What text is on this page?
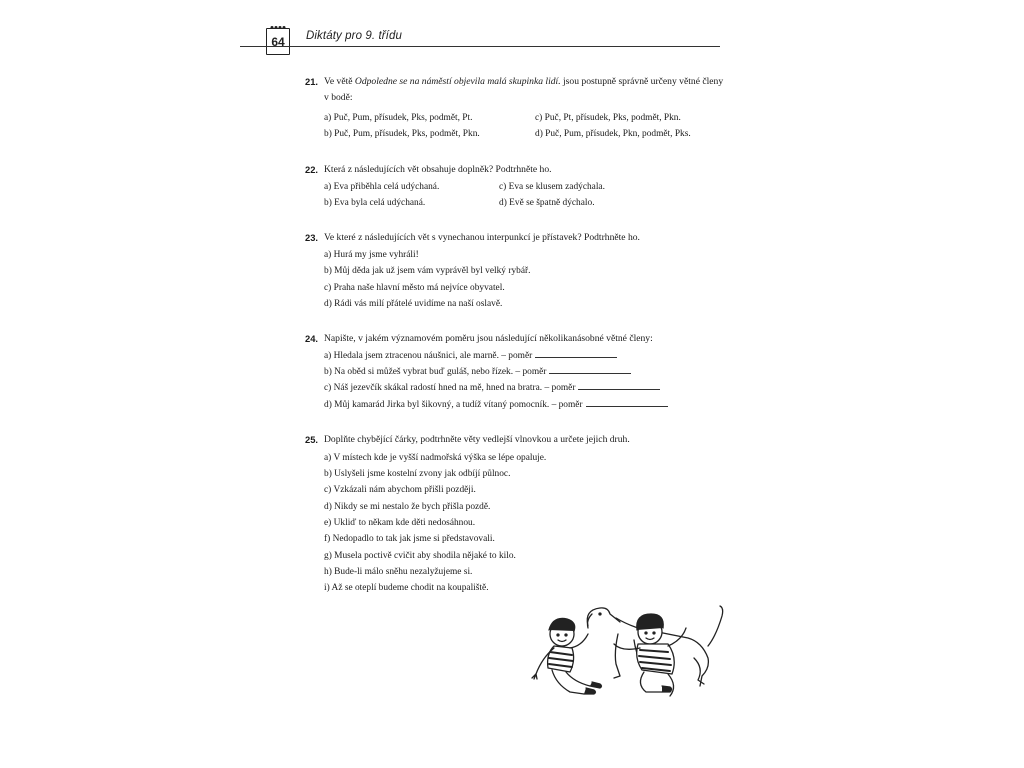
64	Diktáty pro 9. třídu
21. Ve větě Odpoledne se na náměstí objevila malá skupinka lidí. jsou postupně správně určeny větné členy v bodě:
a) Puč, Pum, přísudek, Pks, podmět, Pt.	c) Puč, Pt, přísudek, Pks, podmět, Pkn.
b) Puč, Pum, přísudek, Pks, podmět, Pkn.	d) Puč, Pum, přísudek, Pkn, podmět, Pks.
22. Která z následujících vět obsahuje doplněk? Podtrhněte ho.
a) Eva přiběhla celá udýchaná.	c) Eva se klusem zadýchala.
b) Eva byla celá udýchaná.	d) Evě se špatně dýchalo.
23. Ve které z následujících vět s vynechanou interpunkcí je přístavek? Podtrhněte ho.
a) Hurá my jsme vyhráli!
b) Můj děda jak už jsem vám vyprávěl byl velký rybář.
c) Praha naše hlavní město má nejvíce obyvatel.
d) Rádi vás milí přátelé uvidíme na naší oslavě.
24. Napište, v jakém významovém poměru jsou následující několikanásobné větné členy:
a) Hledala jsem ztracenou náušnici, ale marně. – poměr
b) Na oběd si můžeš vybrat buď guláš, nebo řízek. – poměr
c) Náš jezevčík skákal radostí hned na mě, hned na bratra. – poměr
d) Můj kamarád Jirka byl šikovný, a tudíž vítaný pomocník. – poměr
25. Doplňte chybějící čárky, podtrhněte věty vedlejší vlnovkou a určete jejich druh.
a) V místech kde je vyšší nadmořská výška se lépe opaluje.
b) Uslyšeli jsme kostelní zvony jak odbíjí půlnoc.
c) Vzkázali nám abychom přišli později.
d) Nikdy se mi nestalo že bych přišla pozdě.
e) Ukliď to někam kde děti nedosáhnou.
f) Nedopadlo to tak jak jsme si představovali.
g) Musela poctivě cvičit aby shodila nějaké to kilo.
h) Bude-li málo sněhu nezalyžujeme si.
i) Až se oteplí budeme chodit na koupaliště.
